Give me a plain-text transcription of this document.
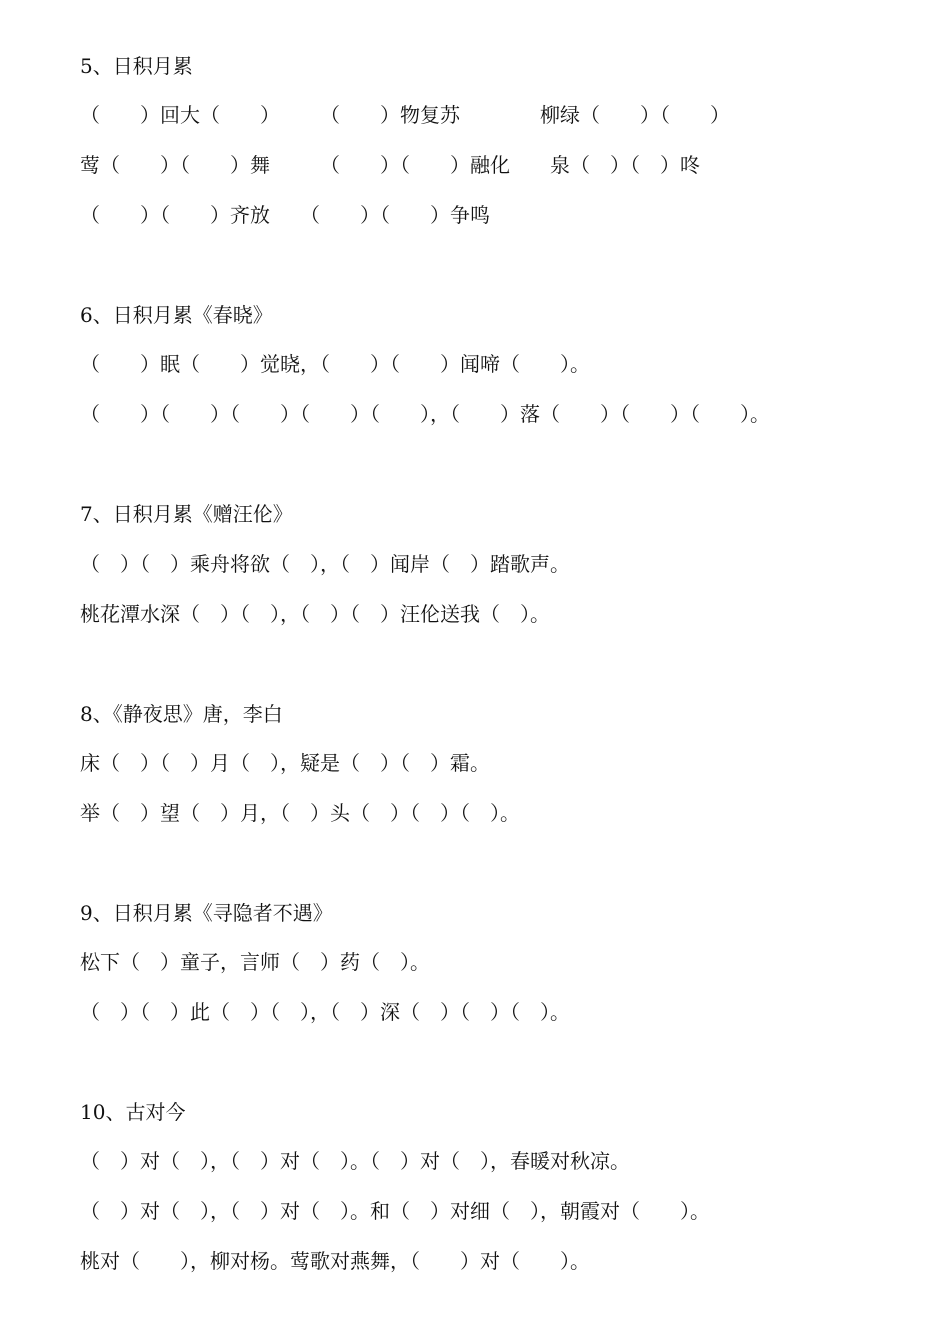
5、日积月累
（　　）回大（　　）　　　（　　）物复苏　　　　柳绿（　　）（　　）
莺（　　）（　　）舞　　　（　　）（　　）融化　　泉（　）（　）咚
（　　）（　　）齐放　　（　　）（　　）争鸣
6、日积月累《春晓》
（　　）眠（　　）觉晓，（　　）（　　）闻啼（　　）。
（　　）（　　）（　　）（　　）（　　），（　　）落（　　）（　　）（　　）。
7、日积月累《赠汪伦》
（　）（　）乘舟将欲（　），（　）闻岸（　）踏歌声。
桃花潭水深（　）（　），（　）（　）汪伦送我（　）。
8、《静夜思》唐，李白
床（　）（　）月（　），疑是（　）（　）霜。
举（　）望（　）月，（　）头（　）（　）（　）。
9、日积月累《寻隐者不遇》
松下（　）童子，言师（　）药（　）。
（　）（　）此（　）（　），（　）深（　）（　）（　）。
10、古对今
（　）对（　），（　）对（　）。（　）对（　），春暖对秋凉。
（　）对（　），（　）对（　）。和（　）对细（　），朝霞对（　　）。
桃对（　　），柳对杨。莺歌对燕舞，（　　）对（　　）。
